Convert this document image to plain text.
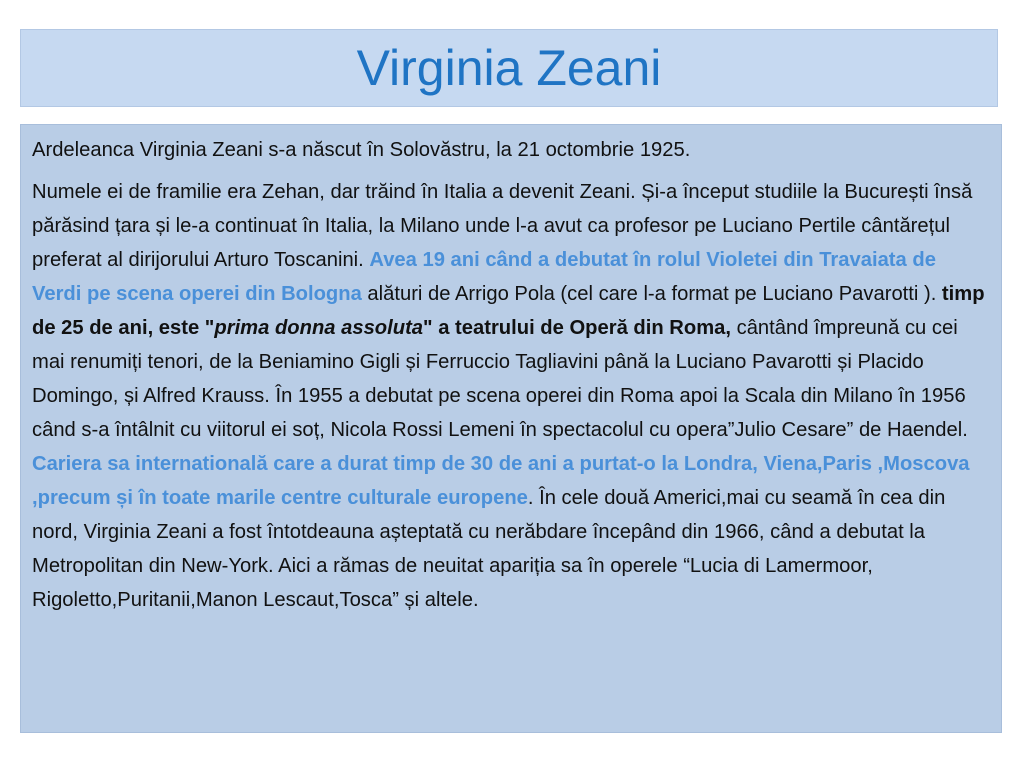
Virginia Zeani

Ardeleanca Virginia Zeani s-a născut în Solovăstru, la 21 octombrie 1925.

Numele ei de framilie era Zehan, dar trăind în Italia a devenit Zeani. Și-a început studiile la București însă părăsind țara și le-a continuat în Italia, la Milano unde l-a avut ca profesor pe Luciano Pertile cântărețul preferat al dirijorului Arturo Toscanini. Avea 19 ani când a debutat în rolul Violetei din Travaiata de Verdi pe scena operei din Bologna alături de Arrigo Pola (cel care l-a format pe Luciano Pavarotti ). timp de 25 de ani, este "prima donna assoluta" a teatrului de Operă din Roma, cântând împreună cu cei mai renumiți tenori, de la Beniamino Gigli și Ferruccio Tagliavini până la Luciano Pavarotti și Placido Domingo, și Alfred Krauss. În 1955 a debutat pe scena operei din Roma apoi la Scala din Milano în 1956 când s-a întâlnit cu viitorul ei soț, Nicola Rossi Lemeni în spectacolul cu opera”Julio Cesare” de Haendel. Cariera sa internatională care a durat timp de 30 de ani a purtat-o la Londra, Viena,Paris ,Moscova ,precum și în toate marile centre culturale europene. În cele două Americi,mai cu seamă în cea din nord, Virginia Zeani a fost întotdeauna așteptată cu nerăbdare începând din 1966, când a debutat la Metropolitan din New-York. Aici a rămas de neuitat apariția sa în operele “Lucia di Lamermoor, Rigoletto,Puritanii,Manon Lescaut,Tosca” și altele.
